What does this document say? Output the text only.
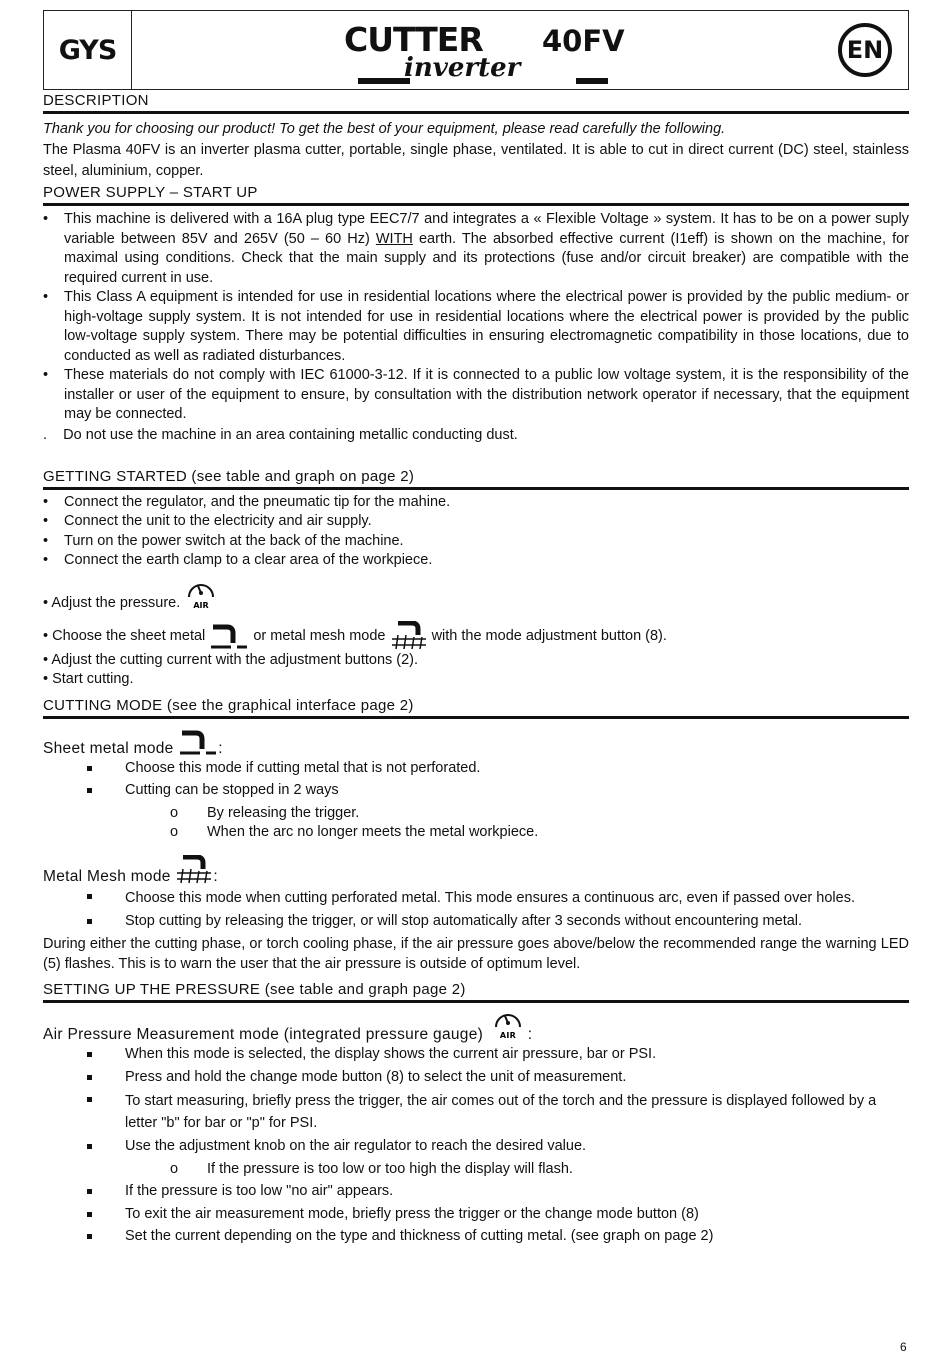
GYS	CUTTER 40FV
inverter
EN
DESCRIPTION

Thank you for choosing our product! To get the best of your equipment, please read carefully the following.

The Plasma 40FV is an inverter plasma cutter, portable, single phase, ventilated. It is able to cut in direct current (DC) steel, stainless steel, aluminium, copper.

POWER SUPPLY – START UP
• This machine is delivered with a 16A plug type EEC7/7 and integrates a « Flexible Voltage » system. It has to be on a power suply variable between 85V and 265V (50 – 60 Hz) WITH earth. The absorbed effective current (I1eff) is shown on the machine, for maximal using conditions. Check that the main supply and its protections (fuse and/or circuit breaker) are compatible with the required current in use.
• This Class A equipment is intended for use in residential locations where the electrical power is provided by the public medium- or high-voltage supply system. It is not intended for use in residential locations where the electrical power is provided by the public low-voltage supply system. There may be potential difficulties in ensuring electromagnetic compatibility in those locations, due to conducted as well as radiated disturbances.
• These materials do not comply with IEC 61000-3-12. If it is connected to a public low voltage system, it is the responsibility of the installer or user of the equipment to ensure, by consultation with the distribution network operator if necessary, that the equipment may be connected.

.    Do not use the machine in an area containing metallic conducting dust.

GETTING STARTED (see table and graph on page 2)
• Connect the regulator, and the pneumatic tip for the mahine.
• Connect the unit to the electricity and air supply.
• Turn on the power switch at the back of the machine.
• Connect the earth clamp to a clear area of the workpiece.
• Adjust the pressure. AIR
• Choose the sheet metal	or metal mesh mode	with the mode adjustment button (8).
• Adjust the cutting current with the adjustment buttons (2).
• Start cutting.
CUTTING MODE (see the graphical interface page 2)
Sheet metal mode	:
Choose this mode if cutting metal that is not perforated.
Cutting can be stopped in 2 ways
o By releasing the trigger.
o When the arc no longer meets the metal workpiece.
Metal Mesh mode	:
Choose this mode when cutting perforated metal. This mode ensures a continuous arc, even if passed over holes.
Stop cutting by releasing the trigger, or will stop automatically after 3 seconds without encountering metal.

During either the cutting phase, or torch cooling phase, if the air pressure goes above/below the recommended range the warning LED (5) flashes. This is to warn the user that the air pressure is outside of optimum level.

SETTING UP THE PRESSURE (see table and graph page 2)
Air Pressure Measurement mode (integrated pressure gauge) AIR :
When this mode is selected, the display shows the current air pressure, bar or PSI.
Press and hold the change mode button (8) to select the unit of measurement.
To start measuring, briefly press the trigger, the air comes out of the torch and the pressure is displayed followed by a letter "b" for bar or "p" for PSI.
Use the adjustment knob on the air regulator to reach the desired value.
o If the pressure is too low or too high the display will flash.
If the pressure is too low "no air" appears.
To exit the air measurement mode, briefly press the trigger or the change mode button (8)
Set the current depending on the type and thickness of cutting metal. (see graph on page 2)
6
